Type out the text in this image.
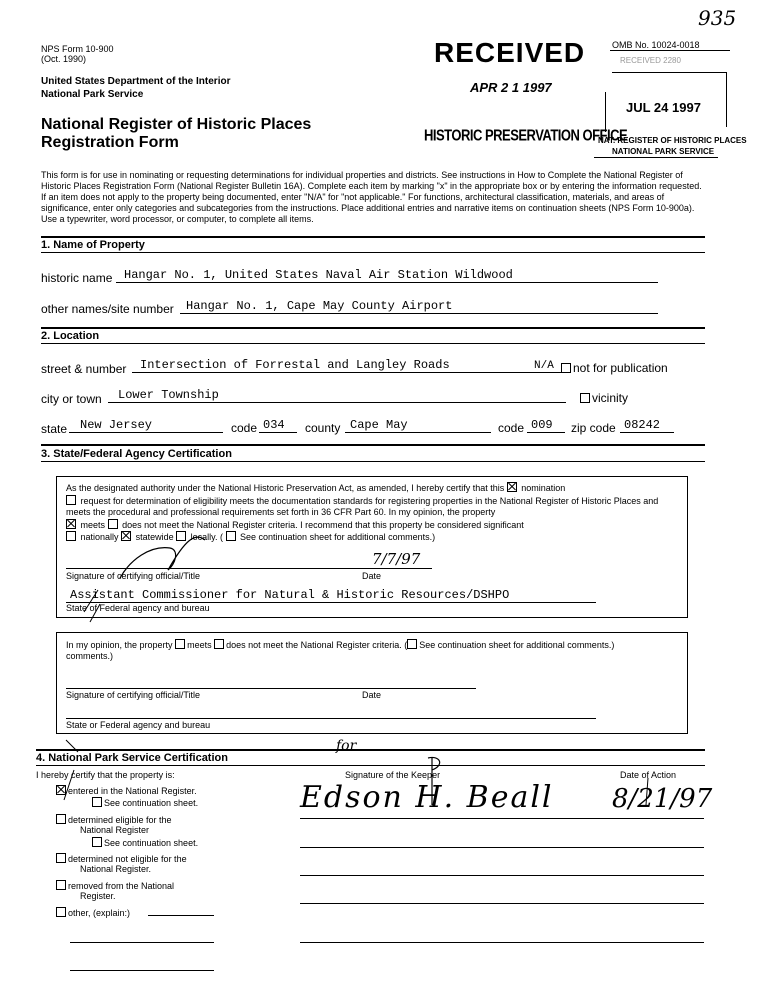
NPS Form 10-900
(Oct. 1990)
United States Department of the Interior
National Park Service
National Register of Historic Places
Registration Form
RECEIVED	OMB No. 10024-0018
935
RECEIVED 2280
APR 2 1 1997
JUL 24 1997
HISTORIC PRESERVATION OFFICE
NAT. REGISTER OF HISTORIC PLACES
NATIONAL PARK SERVICE
This form is for use in nominating or requesting determinations for individual properties and districts. See instructions in How to Complete the National Register of Historic Places Registration Form (National Register Bulletin 16A). Complete each item by marking "x" in the appropriate box or by entering the information requested. If an item does not apply to the property being documented, enter "N/A" for "not applicable." For functions, architectural classification, materials, and areas of significance, enter only categories and subcategories from the instructions. Place additional entries and narrative items on continuation sheets (NPS Form 10-900a). Use a typewriter, word processor, or computer, to complete all items.
1. Name of Property
historic name Hangar No. 1, United States Naval Air Station Wildwood
other names/site number Hangar No. 1, Cape May County Airport
2. Location
street & number Intersection of Forrestal and Langley Roads	N/A	not for publication
city or town Lower Township	vicinity
state New Jersey	code 034 county Cape May	code 009 zip code 08242
3. State/Federal Agency Certification
As the designated authority under the National Historic Preservation Act, as amended, I hereby certify that this nomination
request for determination of eligibility meets the documentation standards for registering properties in the National Register of Historic Places and meets the procedural and professional requirements set forth in 36 CFR Part 60. In my opinion, the property
meets does not meet the National Register criteria. I recommend that this property be considered significant
nationally statewide locally. ( See continuation sheet for additional comments.)
Signature of certifying official/Title	Date
7/7/97
Assistant Commissioner for Natural & Historic Resources/DSHPO
State of Federal agency and bureau
In my opinion, the property meets does not meet the National Register criteria. ( See continuation sheet for additional comments.)
comments.)
Signature of certifying official/Title	Date
State or Federal agency and bureau
4. National Park Service Certification
I hereby certify that the property is:
entered in the National Register.
See continuation sheet.
determined eligible for the
National Register
See continuation sheet.
determined not eligible for the
National Register.
removed from the National
Register.
other, (explain:)
Signature of the Keeper	Date of Action
for
Edson H. Beall 8/21/97
